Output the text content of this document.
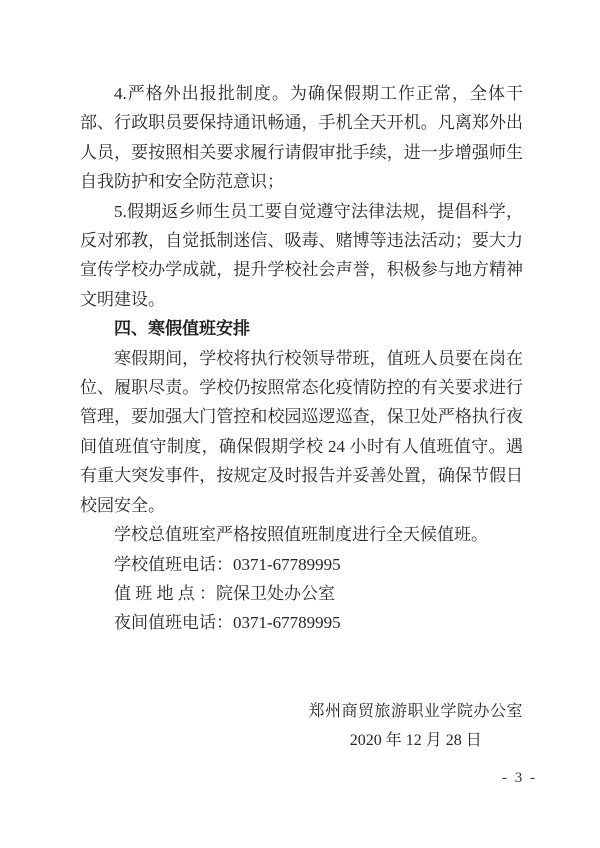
4.严格外出报批制度。为确保假期工作正常，全体干部、行政职员要保持通讯畅通，手机全天开机。凡离郑外出人员，要按照相关要求履行请假审批手续，进一步增强师生自我防护和安全防范意识；

5.假期返乡师生员工要自觉遵守法律法规，提倡科学，反对邪教，自觉抵制迷信、吸毒、赌博等违法活动；要大力宣传学校办学成就，提升学校社会声誉，积极参与地方精神文明建设。

四、寒假值班安排

寒假期间，学校将执行校领导带班，值班人员要在岗在位、履职尽责。学校仍按照常态化疫情防控的有关要求进行管理，要加强大门管控和校园巡逻巡查，保卫处严格执行夜间值班值守制度，确保假期学校 24 小时有人值班值守。遇有重大突发事件，按规定及时报告并妥善处置，确保节假日校园安全。

学校总值班室严格按照值班制度进行全天候值班。

学校值班电话：0371-67789995
值 班 地 点 ：院保卫处办公室
夜间值班电话：0371-67789995
郑州商贸旅游职业学院办公室
2020 年 12 月 28 日
- 3 -
